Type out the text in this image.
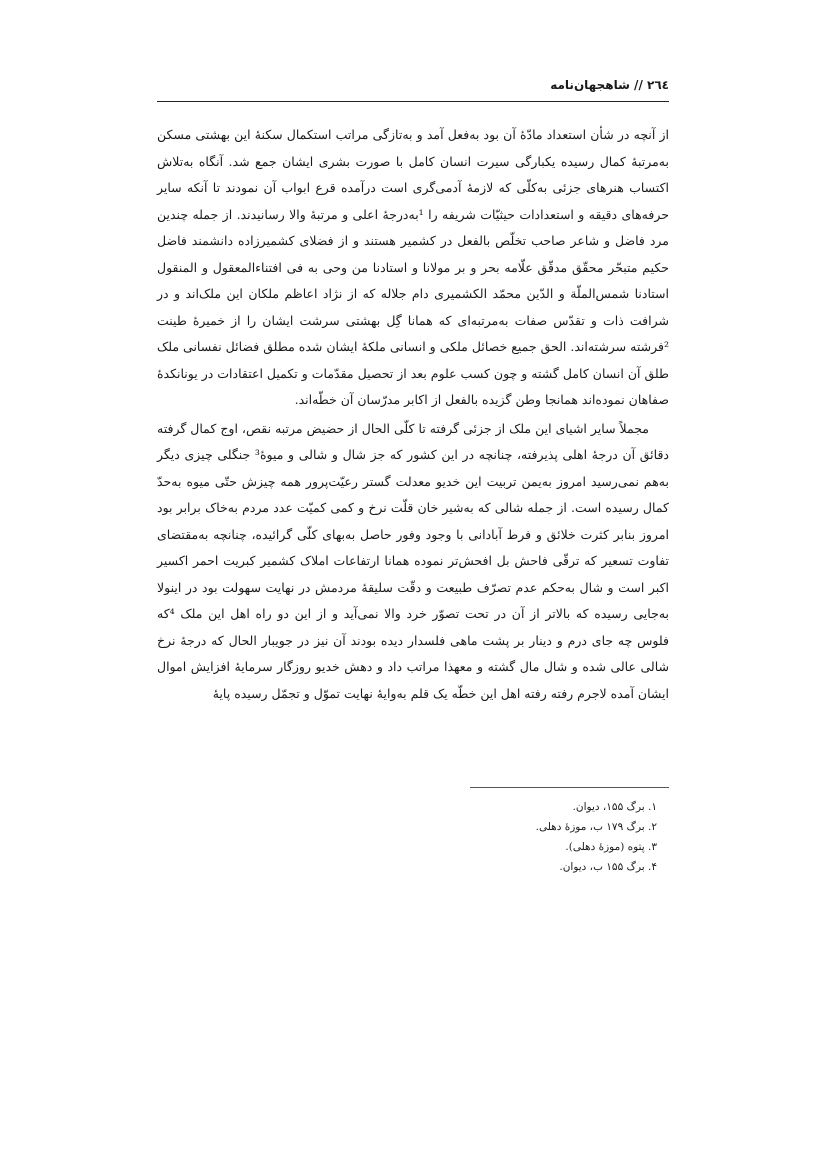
٢٦٤ // شاهجهان‌نامه

از آنچه در شأن استعداد مادّهٔ آن بود به‌فعل آمد و به‌تازگی مراتب استکمال سکنهٔ این بهشتی مسکن به‌مرتبهٔ کمال رسیده یکبارگی سیرت انسان کامل با صورت بشری ایشان جمع شد. آنگاه به‌تلاش اکتساب هنرهای جزئی به‌کلّی که لازمهٔ آدمی‌گری است درآمده قرع ابواب آن نمودند تا آنکه سایر حرفه‌های دقیقه و استعدادات حیثیّات شریفه را ¹به‌درجهٔ اعلی و مرتبهٔ والا رسانیدند. از جمله چندین مرد فاضل و شاعر صاحب تخلّص بالفعل در کشمیر هستند و از فضلای کشمیرزاده دانشمند فاضل حکیم متبحّر محقّق مدقّق علّامه بحر و بر مولانا و استادنا من وحی به فی افتناءالمعقول و المنقول استادنا شمس‌الملّة و الدّین محمّد الکشمیری دام جلاله که از نژاد اعاظم ملکان این ملک‌اند و در شرافت ذات و تقدّس صفات به‌مرتبه‌ای که همانا گِل بهشتی سرشت ایشان را از خمیرهٔ طینت ²فرشته سرشته‌اند. الحق جمیع خصائل ملکی و انسانی ملکهٔ ایشان شده مطلق فضائل نفسانی ملک طلق آن انسان کامل گشته و چون کسب علوم بعد از تحصیل مقدّمات و تکمیل اعتقادات در یونانکدهٔ صفاهان نموده‌اند همانجا وطن گزیده بالفعل از اکابر مدرّسان آن خطّه‌اند.

مجملاً سایر اشیای این ملک از جزئی گرفته تا کلّی الحال از حضیض مرتبه نقص، اوج کمال گرفته دقائق آن درجهٔ اهلی پذیرفته، چنانچه در این کشور که جز شال و شالی و میوهٔ³ جنگلی چیزی دیگر به‌هم نمی‌رسید امروز به‌یمن تربیت این خدیو معدلت گستر رعیّت‌پرور همه چیزش حتّی میوه به‌حدّ کمال رسیده است. از جمله شالی که به‌شیر خان قلّت نرخ و کمی کمیّت عدد مردم به‌خاک برابر بود امروز بنابر کثرت خلائق و فرط آبادانی با وجود وفور حاصل به‌بهای کلّی گرائیده، چنانچه به‌مقتضای تفاوت تسعیر که ترقّی فاحش بل افحش‌تر نموده همانا ارتفاعات املاک کشمیر کبریت احمر اکسیر اکبر است و شال به‌حکم عدم تصرّف طبیعت و دقّت سلیقهٔ مردمش در نهایت سهولت بود در اینولا به‌جایی رسیده که بالاتر از آن در تحت تصوّر خرد والا نمی‌آید و از این دو راه اهل این ملک ⁴که فلوس چه جای درم و دینار بر پشت ماهی فلسدار دیده بودند آن نیز در جویبار الحال که درجهٔ نرخ شالی عالی شده و شال مال گشته و معهذا مراتب داد و دهش خدیو روزگار سرمایهٔ افزایش اموال ایشان آمده لاجرم رفته رفته اهل این خطّه یک قلم به‌وایهٔ نهایت تموّل و تجمّل رسیده پایهٔ

۱. برگ ۱۵۵، دیوان.
۲. برگ ۱۷۹ ب، موزهٔ دهلی.
۳. پتوه (موزهٔ دهلی).
۴. برگ ۱۵۵ ب، دیوان.
